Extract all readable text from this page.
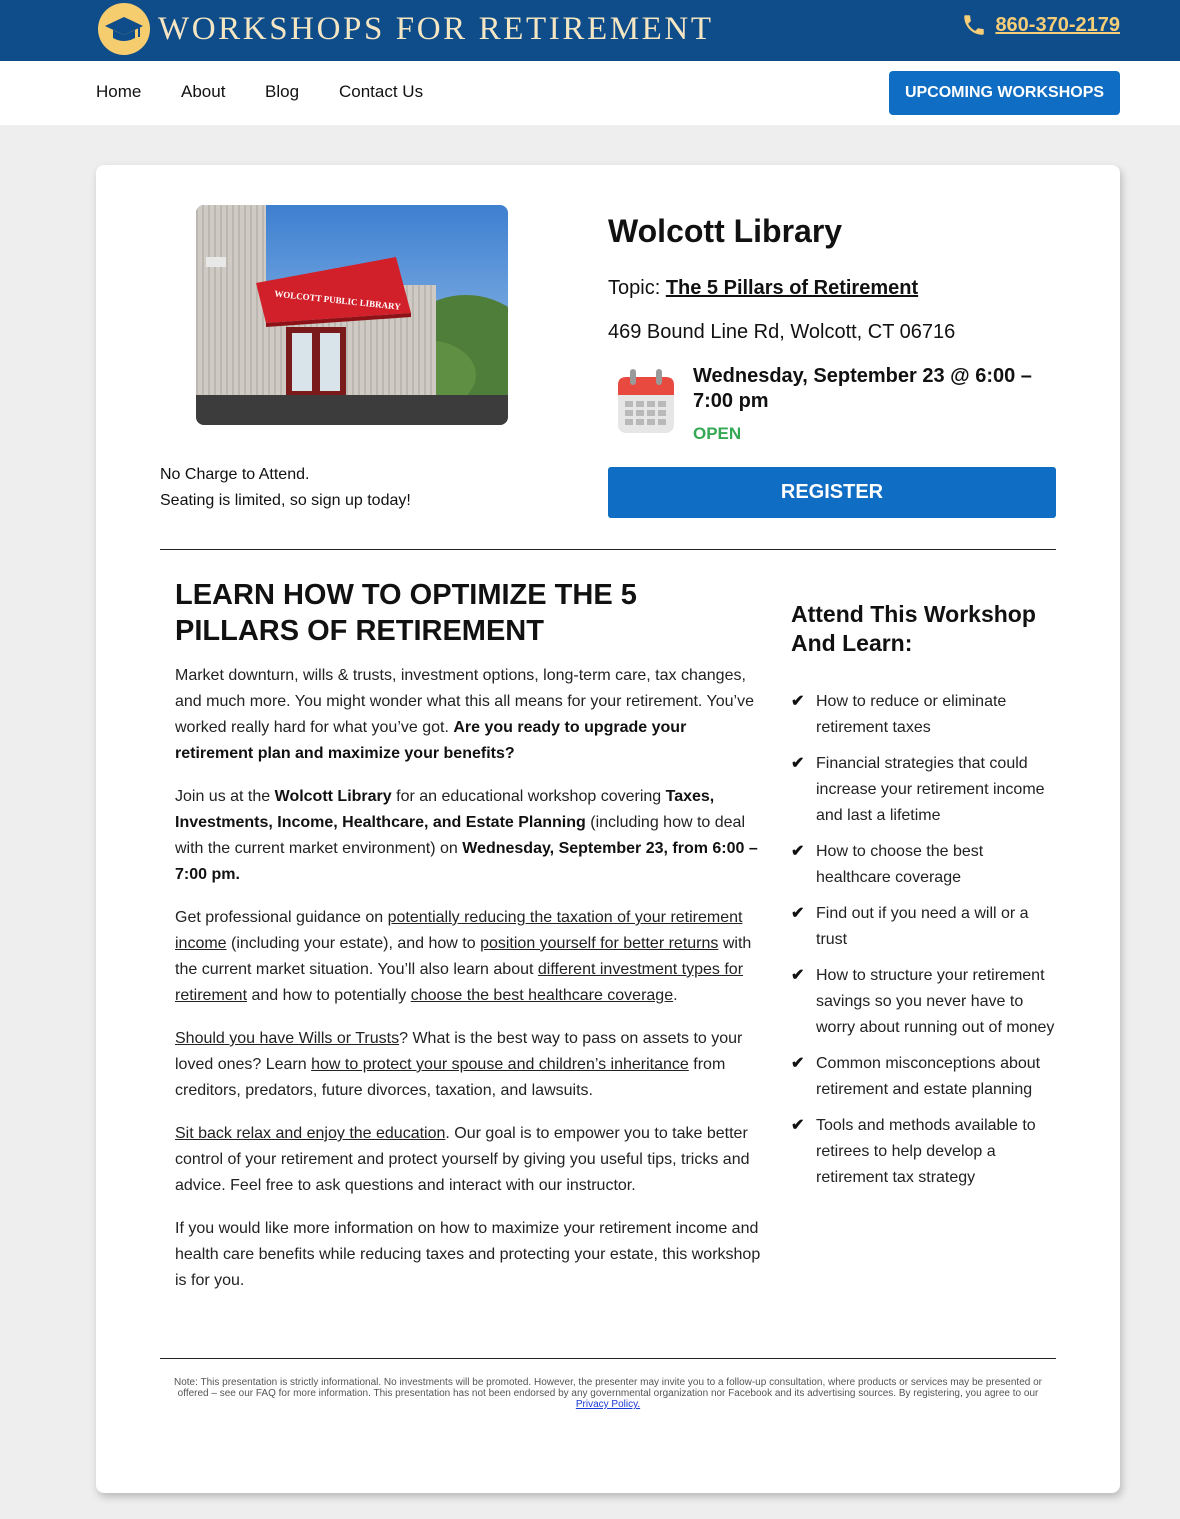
WORKSHOPS FOR RETIREMENT	860-370-2179
Home About Blog Contact Us	UPCOMING WORKSHOPS
WOLCOTT PUBLIC LIBRARY
No Charge to Attend.
Seating is limited, so sign up today!
Wolcott Library
Topic: The 5 Pillars of Retirement
469 Bound Line Rd, Wolcott, CT 06716
Wednesday, September 23 @ 6:00 – 7:00 pm
OPEN
REGISTER
LEARN HOW TO OPTIMIZE THE 5 PILLARS OF RETIREMENT

Market downturn, wills & trusts, investment options, long-term care, tax changes, and much more. You might wonder what this all means for your retirement. You’ve worked really hard for what you’ve got. Are you ready to upgrade your retirement plan and maximize your benefits?

Join us at the Wolcott Library for an educational workshop covering Taxes, Investments, Income, Healthcare, and Estate Planning (including how to deal with the current market environment) on Wednesday, September 23, from 6:00 – 7:00 pm.

Get professional guidance on potentially reducing the taxation of your retirement income (including your estate), and how to position yourself for better returns with the current market situation. You’ll also learn about different investment types for retirement and how to potentially choose the best healthcare coverage.

Should you have Wills or Trusts? What is the best way to pass on assets to your loved ones? Learn how to protect your spouse and children’s inheritance from creditors, predators, future divorces, taxation, and lawsuits.

Sit back relax and enjoy the education. Our goal is to empower you to take better control of your retirement and protect yourself by giving you useful tips, tricks and advice. Feel free to ask questions and interact with our instructor.

If you would like more information on how to maximize your retirement income and health care benefits while reducing taxes and protecting your estate, this workshop is for you.

Attend This Workshop And Learn:
✔ How to reduce or eliminate retirement taxes
✔ Financial strategies that could increase your retirement income and last a lifetime
✔ How to choose the best healthcare coverage
✔ Find out if you need a will or a trust
✔ How to structure your retirement savings so you never have to worry about running out of money
✔ Common misconceptions about retirement and estate planning
✔ Tools and methods available to retirees to help develop a retirement tax strategy
Note: This presentation is strictly informational. No investments will be promoted. However, the presenter may invite you to a follow-up consultation, where products or services may be presented or offered – see our FAQ for more information. This presentation has not been endorsed by any governmental organization nor Facebook and its advertising sources. By registering, you agree to our Privacy Policy.
